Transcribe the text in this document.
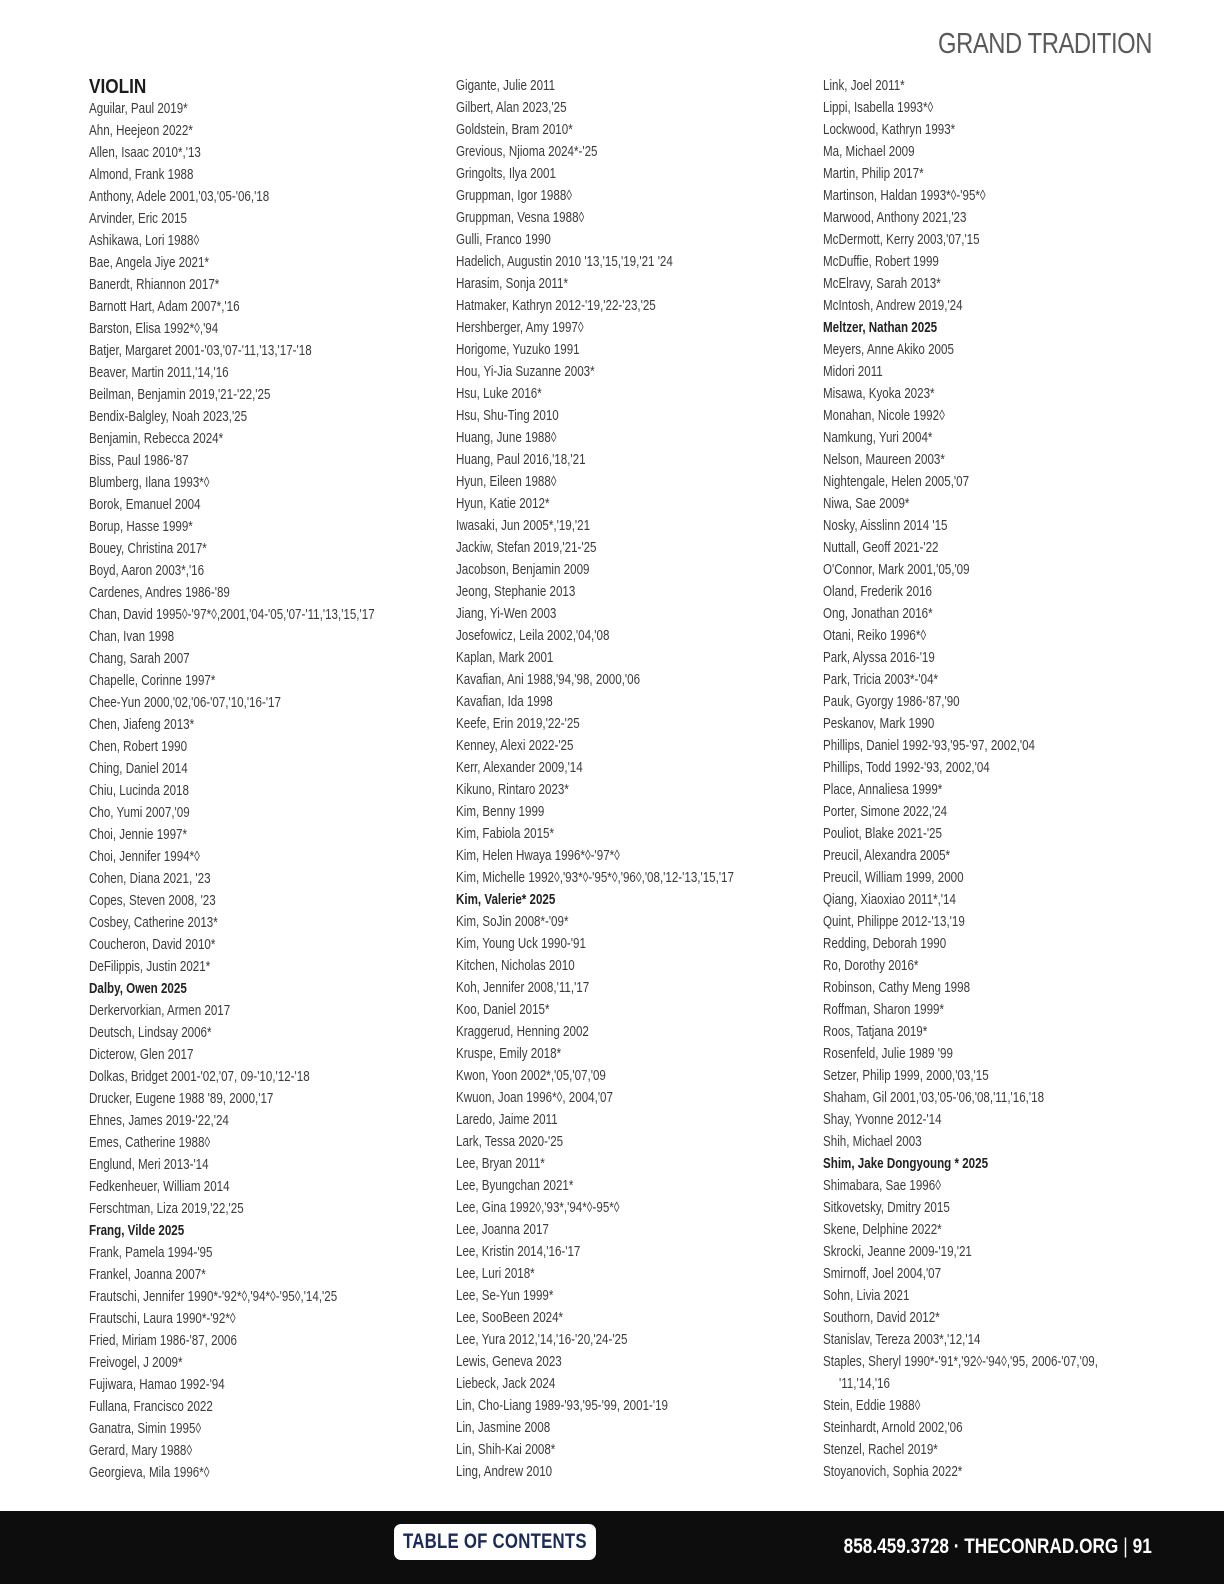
GRAND TRADITION
VIOLIN
Aguilar, Paul 2019*
Ahn, Heejeon 2022*
Allen, Isaac 2010*,'13
Almond, Frank 1988
Anthony, Adele 2001,'03,'05-'06,'18
Arvinder, Eric 2015
Ashikawa, Lori 1988◊
Bae, Angela Jiye 2021*
Banerdt, Rhiannon 2017*
Barnott Hart, Adam 2007*,'16
Barston, Elisa 1992*◊,'94
Batjer, Margaret 2001-'03,'07-'11,'13,'17-'18
Beaver, Martin 2011,'14,'16
Beilman, Benjamin 2019,'21-'22,'25
Bendix-Balgley, Noah 2023,'25
Benjamin, Rebecca 2024*
Biss, Paul 1986-'87
Blumberg, Ilana 1993*◊
Borok, Emanuel 2004
Borup, Hasse 1999*
Bouey, Christina 2017*
Boyd, Aaron 2003*,'16
Cardenes, Andres 1986-'89
Chan, David 1995◊-'97*◊,2001,'04-'05,'07-'11,'13,'15,'17
Chan, Ivan 1998
Chang, Sarah 2007
Chapelle, Corinne 1997*
Chee-Yun 2000,'02,'06-'07,'10,'16-'17
Chen, Jiafeng 2013*
Chen, Robert 1990
Ching, Daniel 2014
Chiu, Lucinda 2018
Cho, Yumi 2007,'09
Choi, Jennie 1997*
Choi, Jennifer 1994*◊
Cohen, Diana 2021, '23
Copes, Steven 2008, '23
Cosbey, Catherine 2013*
Coucheron, David 2010*
DeFilippis, Justin 2021*
Dalby, Owen 2025
Derkervorkian, Armen 2017
Deutsch, Lindsay 2006*
Dicterow, Glen 2017
Dolkas, Bridget 2001-'02,'07, 09-'10,'12-'18
Drucker, Eugene 1988 '89, 2000,'17
Ehnes, James 2019-'22,'24
Emes, Catherine 1988◊
Englund, Meri 2013-'14
Fedkenheuer, William 2014
Ferschtman, Liza 2019,'22,'25
Frang, Vilde 2025
Frank, Pamela 1994-'95
Frankel, Joanna 2007*
Frautschi, Jennifer 1990*-'92*◊,'94*◊-'95◊,'14,'25
Frautschi, Laura 1990*-'92*◊
Fried, Miriam 1986-'87, 2006
Freivogel, J 2009*
Fujiwara, Hamao 1992-'94
Fullana, Francisco 2022
Ganatra, Simin 1995◊
Gerard, Mary 1988◊
Georgieva, Mila 1996*◊
Gigante, Julie 2011
Gilbert, Alan 2023,'25
Goldstein, Bram 2010*
Grevious, Njioma 2024*-'25
Gringolts, Ilya 2001
Gruppman, Igor 1988◊
Gruppman, Vesna 1988◊
Gulli, Franco 1990
Hadelich, Augustin 2010 '13,'15,'19,'21 '24
Harasim, Sonja 2011*
Hatmaker, Kathryn 2012-'19,'22-'23,'25
Hershberger, Amy 1997◊
Horigome, Yuzuko 1991
Hou, Yi-Jia Suzanne 2003*
Hsu, Luke 2016*
Hsu, Shu-Ting 2010
Huang, June 1988◊
Huang, Paul 2016,'18,'21
Hyun, Eileen 1988◊
Hyun, Katie 2012*
Iwasaki, Jun 2005*,'19,'21
Jackiw, Stefan 2019,'21-'25
Jacobson, Benjamin 2009
Jeong, Stephanie 2013
Jiang, Yi-Wen 2003
Josefowicz, Leila 2002,'04,'08
Kaplan, Mark 2001
Kavafian, Ani 1988,'94,'98, 2000,'06
Kavafian, Ida 1998
Keefe, Erin 2019,'22-'25
Kenney, Alexi 2022-'25
Kerr, Alexander 2009,'14
Kikuno, Rintaro 2023*
Kim, Benny 1999
Kim, Fabiola 2015*
Kim, Helen Hwaya 1996*◊-'97*◊
Kim, Michelle 1992◊,'93*◊-'95*◊,'96◊,'08,'12-'13,'15,'17
Kim, Valerie* 2025
Kim, SoJin 2008*-'09*
Kim, Young Uck 1990-'91
Kitchen, Nicholas 2010
Koh, Jennifer 2008,'11,'17
Koo, Daniel 2015*
Kraggerud, Henning 2002
Kruspe, Emily 2018*
Kwon, Yoon 2002*,'05,'07,'09
Kwuon, Joan 1996*◊, 2004,'07
Laredo, Jaime 2011
Lark, Tessa 2020-'25
Lee, Bryan 2011*
Lee, Byungchan 2021*
Lee, Gina 1992◊,'93*,'94*◊-95*◊
Lee, Joanna 2017
Lee, Kristin 2014,'16-'17
Lee, Luri 2018*
Lee, Se-Yun 1999*
Lee, SooBeen 2024*
Lee, Yura 2012,'14,'16-'20,'24-'25
Lewis, Geneva 2023
Liebeck, Jack 2024
Lin, Cho-Liang 1989-'93,'95-'99, 2001-'19
Lin, Jasmine 2008
Lin, Shih-Kai 2008*
Ling, Andrew 2010
Link, Joel 2011*
Lippi, Isabella 1993*◊
Lockwood, Kathryn 1993*
Ma, Michael 2009
Martin, Philip 2017*
Martinson, Haldan 1993*◊-'95*◊
Marwood, Anthony 2021,'23
McDermott, Kerry 2003,'07,'15
McDuffie, Robert 1999
McElravy, Sarah 2013*
McIntosh, Andrew 2019,'24
Meltzer, Nathan 2025
Meyers, Anne Akiko 2005
Midori 2011
Misawa, Kyoka 2023*
Monahan, Nicole 1992◊
Namkung, Yuri 2004*
Nelson, Maureen 2003*
Nightengale, Helen 2005,'07
Niwa, Sae 2009*
Nosky, Aisslinn 2014 '15
Nuttall, Geoff 2021-'22
O'Connor, Mark 2001,'05,'09
Oland, Frederik 2016
Ong, Jonathan 2016*
Otani, Reiko 1996*◊
Park, Alyssa 2016-'19
Park, Tricia 2003*-'04*
Pauk, Gyorgy 1986-'87,'90
Peskanov, Mark 1990
Phillips, Daniel 1992-'93,'95-'97, 2002,'04
Phillips, Todd 1992-'93, 2002,'04
Place, Annaliesa 1999*
Porter, Simone 2022,'24
Pouliot, Blake 2021-'25
Preucil, Alexandra 2005*
Preucil, William 1999, 2000
Qiang, Xiaoxiao 2011*,'14
Quint, Philippe 2012-'13,'19
Redding, Deborah 1990
Ro, Dorothy 2016*
Robinson, Cathy Meng 1998
Roffman, Sharon 1999*
Roos, Tatjana 2019*
Rosenfeld, Julie 1989 '99
Setzer, Philip 1999, 2000,'03,'15
Shaham, Gil 2001,'03,'05-'06,'08,'11,'16,'18
Shay, Yvonne 2012-'14
Shih, Michael 2003
Shim, Jake Dongyoung * 2025
Shimabara, Sae 1996◊
Sitkovetsky, Dmitry 2015
Skene, Delphine 2022*
Skrocki, Jeanne 2009-'19,'21
Smirnoff, Joel 2004,'07
Sohn, Livia 2021
Southorn, David 2012*
Stanislav, Tereza 2003*,'12,'14
Staples, Sheryl 1990*-'91*,'92◊-'94◊,'95, 2006-'07,'09,
'11,'14,'16
Stein, Eddie 1988◊
Steinhardt, Arnold 2002,'06
Stenzel, Rachel 2019*
Stoyanovich, Sophia 2022*
TABLE OF CONTENTS	858.459.3728 · THECONRAD.ORG | 91
